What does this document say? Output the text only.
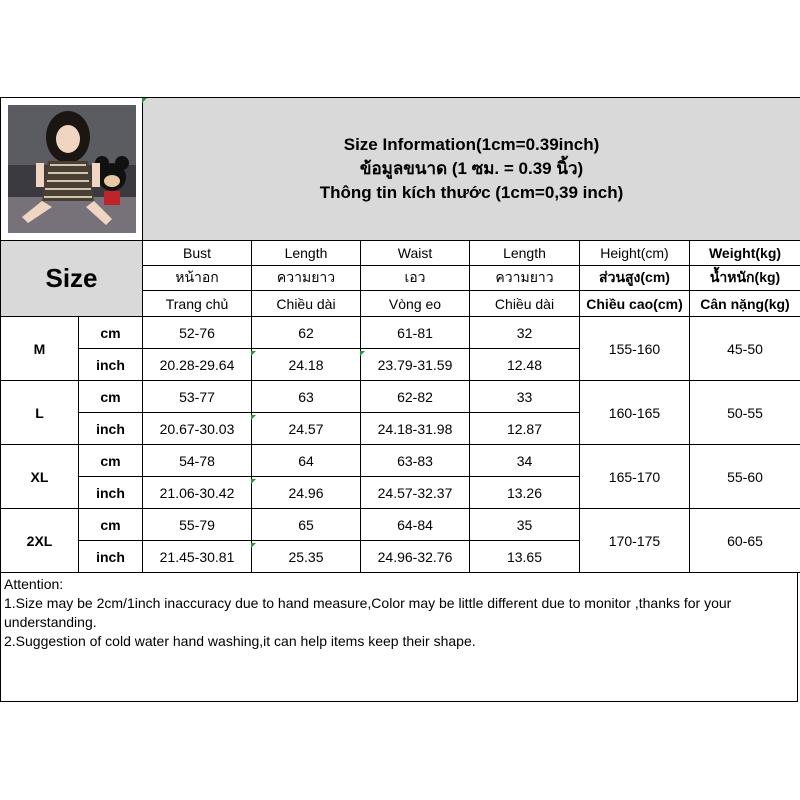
Size Information(1cm=0.39inch)
ข้อมูลขนาด (1 ซม. = 0.39 นิ้ว)
Thông tin kích thước (1cm=0,39 inch)					

Size		Bust	Length	Waist	Length	Height(cm)	Weight(kg)
		หน้าอก	ความยาว	เอว	ความยาว	ส่วนสูง(cm)	น้ำหนัก(kg)
		Trang chủ	Chiều dài	Vòng eo	Chiều dài	Chiều cao(cm)	Cân nặng(kg)
M	cm	52-76	62	61-81	32	155-160	45-50
	inch	20.28-29.64	24.18	23.79-31.59	12.48		
L	cm	53-77	63	62-82	33	160-165	50-55
	inch	20.67-30.03	24.57	24.18-31.98	12.87		
XL	cm	54-78	64	63-83	34	165-170	55-60
	inch	21.06-30.42	24.96	24.57-32.37	13.26		
2XL	cm	55-79	65	64-84	35	170-175	60-65
	inch	21.45-30.81	25.35	24.96-32.76	13.65		

Attention:

1.Size may be 2cm/1inch inaccuracy due to hand measure,Color may be little different due to monitor ,thanks for your understanding.

2.Suggestion of cold water hand washing,it can help items keep their shape.
